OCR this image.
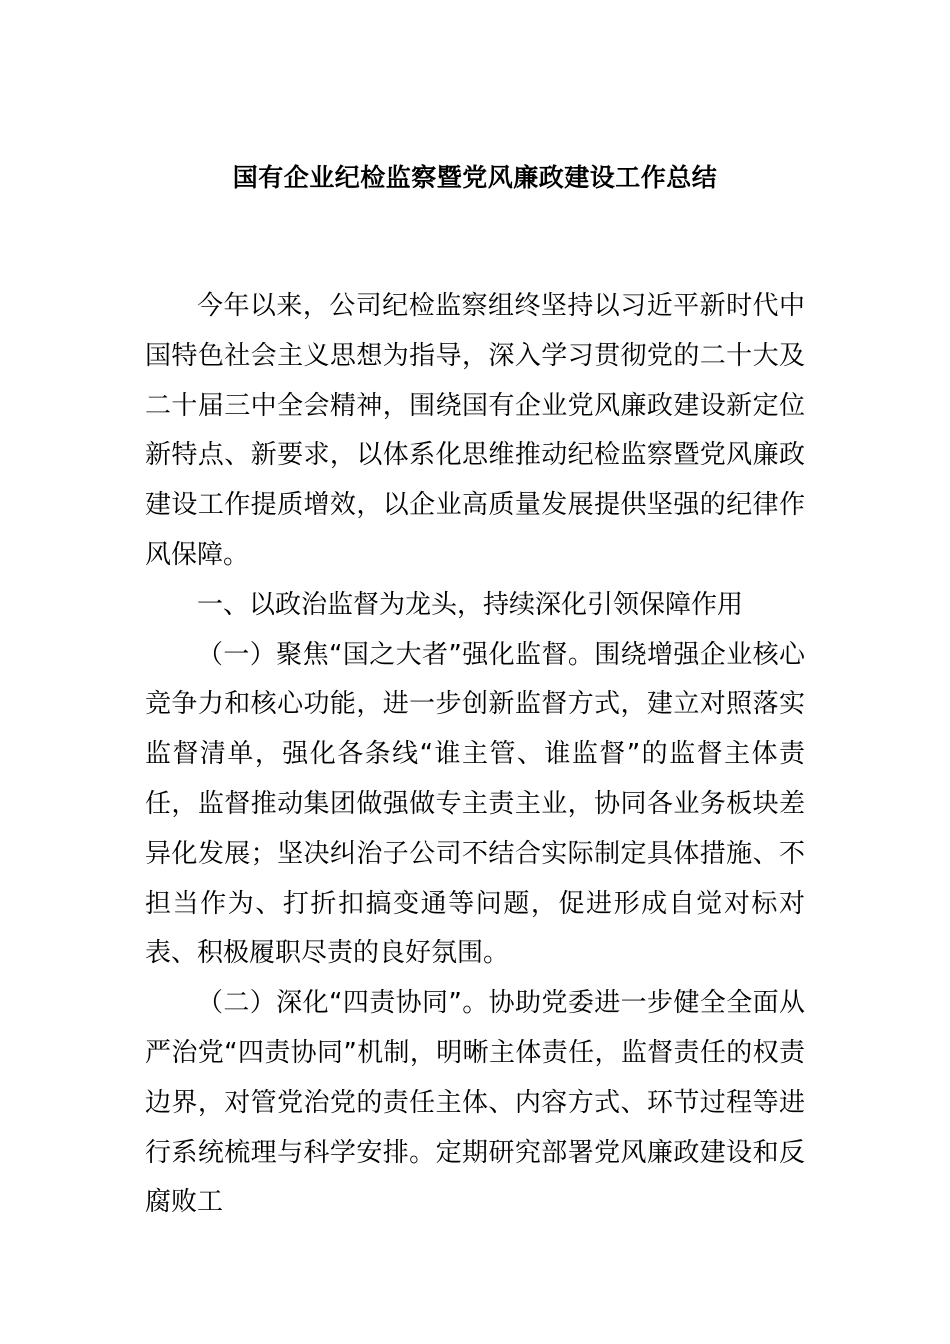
国有企业纪检监察暨党风廉政建设工作总结

今年以来，公司纪检监察组终坚持以习近平新时代中国特色社会主义思想为指导，深入学习贯彻党的二十大及二十届三中全会精神，围绕国有企业党风廉政建设新定位新特点、新要求，以体系化思维推动纪检监察暨党风廉政建设工作提质增效，以企业高质量发展提供坚强的纪律作风保障。

一、以政治监督为龙头，持续深化引领保障作用

（一）聚焦“国之大者”强化监督。围绕增强企业核心竞争力和核心功能，进一步创新监督方式，建立对照落实监督清单，强化各条线“谁主管、谁监督”的监督主体责任，监督推动集团做强做专主责主业，协同各业务板块差异化发展；坚决纠治子公司不结合实际制定具体措施、不担当作为、打折扣搞变通等问题，促进形成自觉对标对表、积极履职尽责的良好氛围。

（二）深化“四责协同”。协助党委进一步健全全面从严治党“四责协同”机制，明晰主体责任，监督责任的权责边界，对管党治党的责任主体、内容方式、环节过程等进行系统梳理与科学安排。定期研究部署党风廉政建设和反腐败工
